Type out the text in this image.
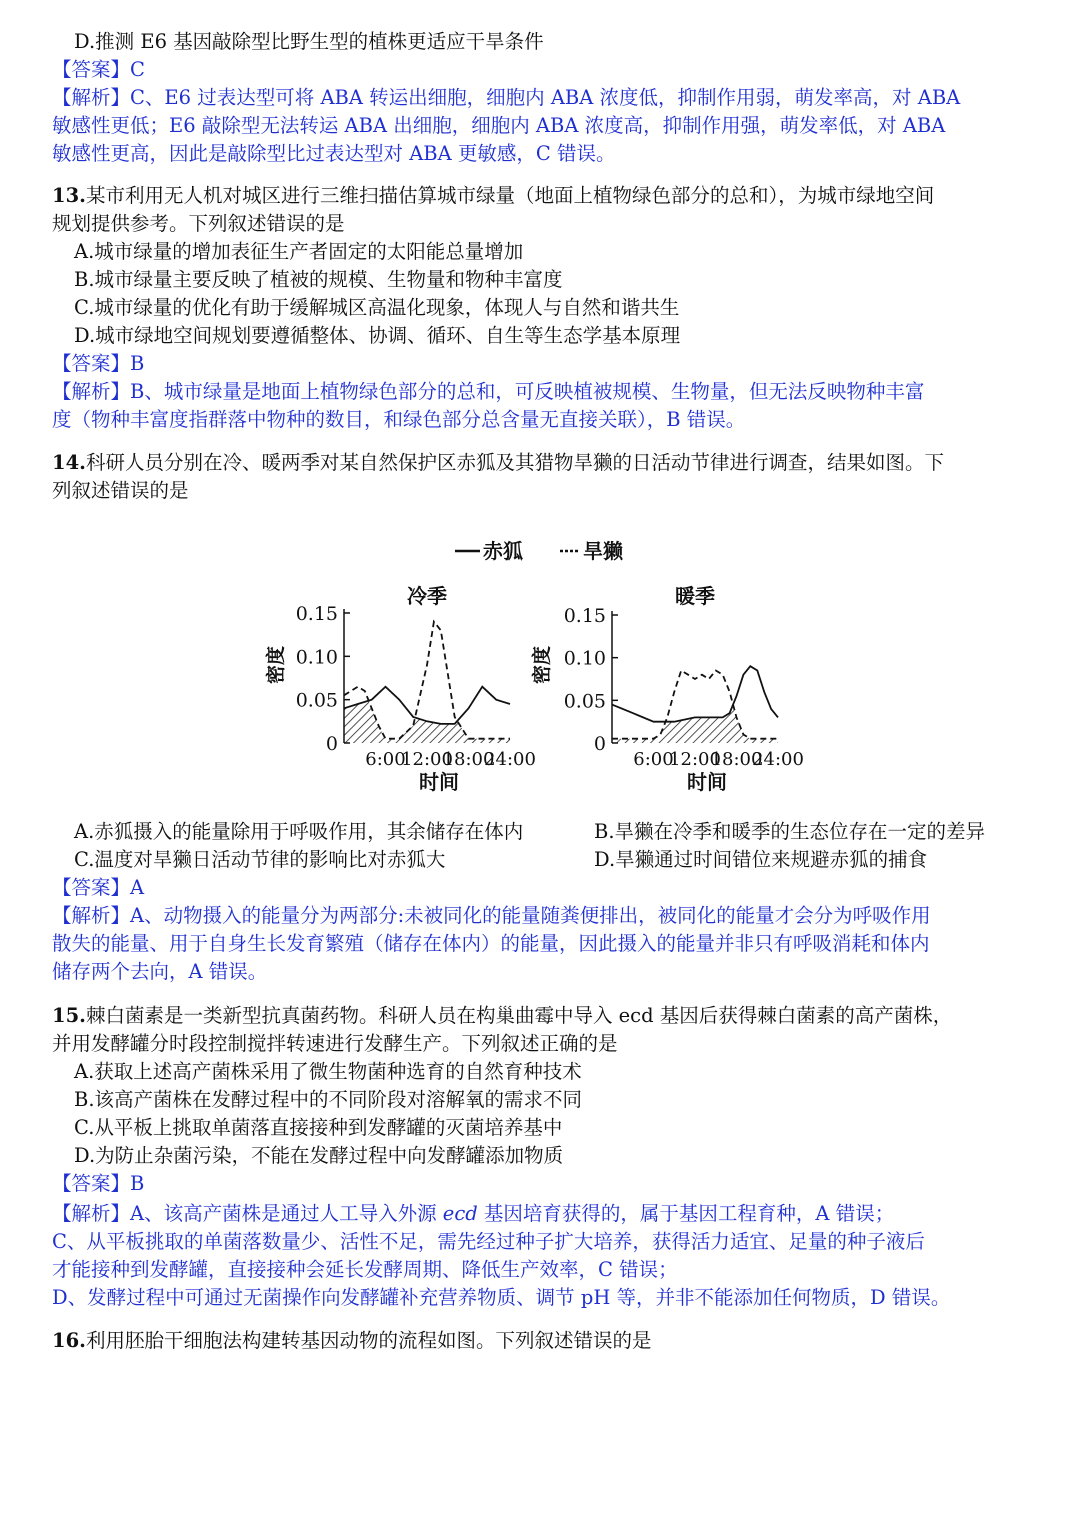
D.推测 E6 基因敲除型比野生型的植株更适应干旱条件
【答案】C
【解析】C、E6 过表达型可将 ABA 转运出细胞，细胞内 ABA 浓度低，抑制作用弱，萌发率高，对 ABA
敏感性更低；E6 敲除型无法转运 ABA 出细胞，细胞内 ABA 浓度高，抑制作用强，萌发率低，对 ABA
敏感性更高，因此是敲除型比过表达型对 ABA 更敏感，C 错误。
13.某市利用无人机对城区进行三维扫描估算城市绿量（地面上植物绿色部分的总和），为城市绿地空间
规划提供参考。下列叙述错误的是
A.城市绿量的增加表征生产者固定的太阳能总量增加
B.城市绿量主要反映了植被的规模、生物量和物种丰富度
C.城市绿量的优化有助于缓解城区高温化现象，体现人与自然和谐共生
D.城市绿地空间规划要遵循整体、协调、循环、自生等生态学基本原理
【答案】B
【解析】B、城市绿量是地面上植物绿色部分的总和，可反映植被规模、生物量，但无法反映物种丰富
度（物种丰富度指群落中物种的数目，和绿色部分总含量无直接关联），B 错误。
14.科研人员分别在冷、暖两季对某自然保护区赤狐及其猎物旱獭的日活动节律进行调查，结果如图。下
列叙述错误的是
赤狐	旱獭
0
0.05
0.10
0.15
6:00
12:00
18:00
24:00
冷季
时间
密度
0
0.05
0.10
0.15
6:00
12:00
18:00
24:00
暖季
时间
密度
A.赤狐摄入的能量除用于呼吸作用，其余储存在体内	B.旱獭在冷季和暖季的生态位存在一定的差异
C.温度对旱獭日活动节律的影响比对赤狐大	D.旱獭通过时间错位来规避赤狐的捕食
【答案】A
【解析】A、动物摄入的能量分为两部分:未被同化的能量随粪便排出，被同化的能量才会分为呼吸作用
散失的能量、用于自身生长发育繁殖（储存在体内）的能量，因此摄入的能量并非只有呼吸消耗和体内
储存两个去向，A 错误。
15.棘白菌素是一类新型抗真菌药物。科研人员在构巢曲霉中导入 ecd 基因后获得棘白菌素的高产菌株，
并用发酵罐分时段控制搅拌转速进行发酵生产。下列叙述正确的是
A.获取上述高产菌株采用了微生物菌种选育的自然育种技术
B.该高产菌株在发酵过程中的不同阶段对溶解氧的需求不同
C.从平板上挑取单菌落直接接种到发酵罐的灭菌培养基中
D.为防止杂菌污染，不能在发酵过程中向发酵罐添加物质
【答案】B
【解析】A、该高产菌株是通过人工导入外源 ecd 基因培育获得的，属于基因工程育种，A 错误；
C、从平板挑取的单菌落数量少、活性不足，需先经过种子扩大培养，获得活力适宜、足量的种子液后
才能接种到发酵罐，直接接种会延长发酵周期、降低生产效率，C 错误；
D、发酵过程中可通过无菌操作向发酵罐补充营养物质、调节 pH 等，并非不能添加任何物质，D 错误。
16.利用胚胎干细胞法构建转基因动物的流程如图。下列叙述错误的是
